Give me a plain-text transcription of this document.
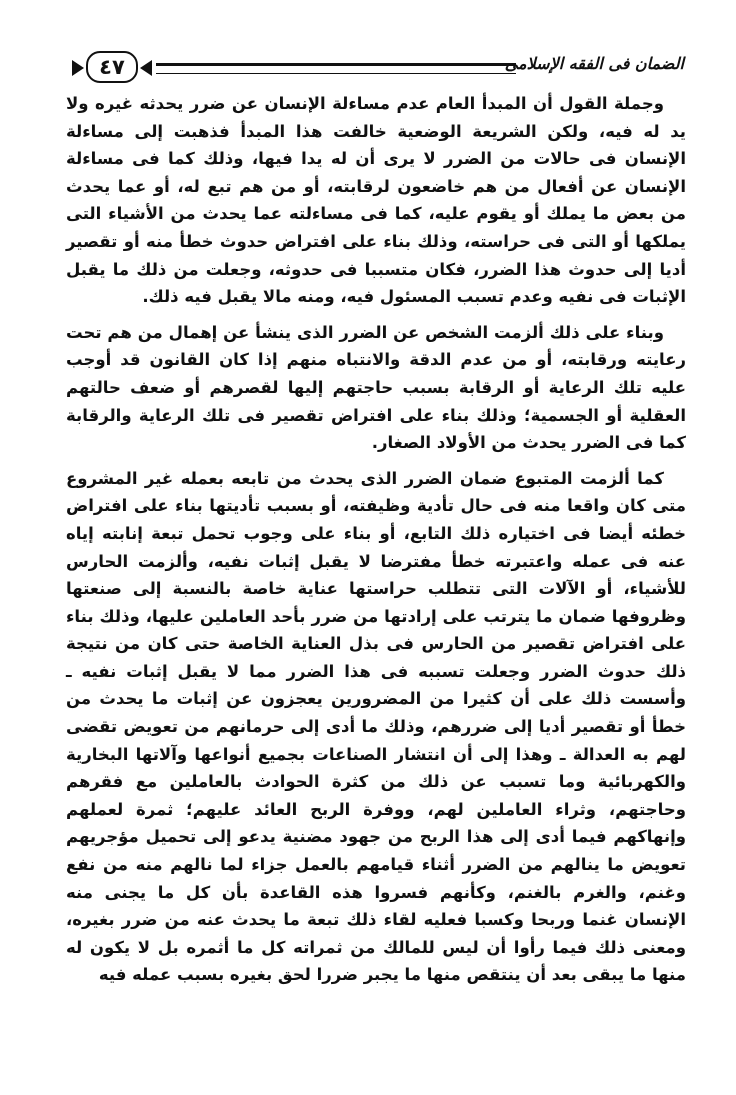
٤٧	الضمان فى الفقه الإسلامى

وجملة القول أن المبدأ العام عدم مساءلة الإنسان عن ضرر يحدثه غيره ولا يد له فيه، ولكن الشريعة الوضعية خالفت هذا المبدأ فذهبت إلى مساءلة الإنسان فى حالات من الضرر لا يرى أن له يدا فيها، وذلك كما فى مساءلة الإنسان عن أفعال من هم خاضعون لرقابته، أو من هم تبع له، أو عما يحدث من بعض ما يملك أو يقوم عليه، كما فى مساءلته عما يحدث من الأشياء التى يملكها أو التى فى حراسته، وذلك بناء على افتراض حدوث خطأ منه أو تقصير أديا إلى حدوث هذا الضرر، فكان متسببا فى حدوثه، وجعلت من ذلك ما يقبل الإثبات فى نفيه وعدم تسبب المسئول فيه، ومنه مالا يقبل فيه ذلك.

وبناء على ذلك ألزمت الشخص عن الضرر الذى ينشأ عن إهمال من هم تحت رعايته ورقابته، أو من عدم الدقة والانتباه منهم إذا كان القانون قد أوجب عليه تلك الرعاية أو الرقابة بسبب حاجتهم إليها لقصرهم أو ضعف حالتهم العقلية أو الجسمية؛ وذلك بناء على افتراض تقصير فى تلك الرعاية والرقابة كما فى الضرر يحدث من الأولاد الصغار.

كما ألزمت المتبوع ضمان الضرر الذى يحدث من تابعه بعمله غير المشروع متى كان واقعا منه فى حال تأدية وظيفته، أو بسبب تأديتها بناء على افتراض خطئه أيضا فى اختياره ذلك التابع، أو بناء على وجوب تحمل تبعة إنابته إياه عنه فى عمله واعتبرته خطأ مفترضا لا يقبل إثبات نفيه، وألزمت الحارس للأشياء، أو الآلات التى تتطلب حراستها عناية خاصة بالنسبة إلى صنعتها وظروفها ضمان ما يترتب على إرادتها من ضرر بأحد العاملين عليها، وذلك بناء على افتراض تقصير من الحارس فى بذل العناية الخاصة حتى كان من نتيجة ذلك حدوث الضرر وجعلت تسببه فى هذا الضرر مما لا يقبل إثبات نفيه ـ وأسست ذلك على أن كثيرا من المضرورين يعجزون عن إثبات ما يحدث من خطأ أو تقصير أديا إلى ضررهم، وذلك ما أدى إلى حرمانهم من تعويض تقضى لهم به العدالة ـ وهذا إلى أن انتشار الصناعات بجميع أنواعها وآلاتها البخارية والكهربائية وما تسبب عن ذلك من كثرة الحوادث بالعاملين مع فقرهم وحاجتهم، وثراء العاملين لهم، ووفرة الربح العائد عليهم؛ ثمرة لعملهم وإنهاكهم فيما أدى إلى هذا الربح من جهود مضنية يدعو إلى تحميل مؤجريهم تعويض ما ينالهم من الضرر أثناء قيامهم بالعمل جزاء لما نالهم منه من نفع وغنم، والغرم بالغنم، وكأنهم فسروا هذه القاعدة بأن كل ما يجنى منه الإنسان غنما وربحا وكسبا فعليه لقاء ذلك تبعة ما يحدث عنه من ضرر بغيره، ومعنى ذلك فيما رأوا أن ليس للمالك من ثمراته كل ما أثمره بل لا يكون له منها ما يبقى بعد أن ينتقص منها ما يجبر ضررا لحق بغيره بسبب عمله فيه
